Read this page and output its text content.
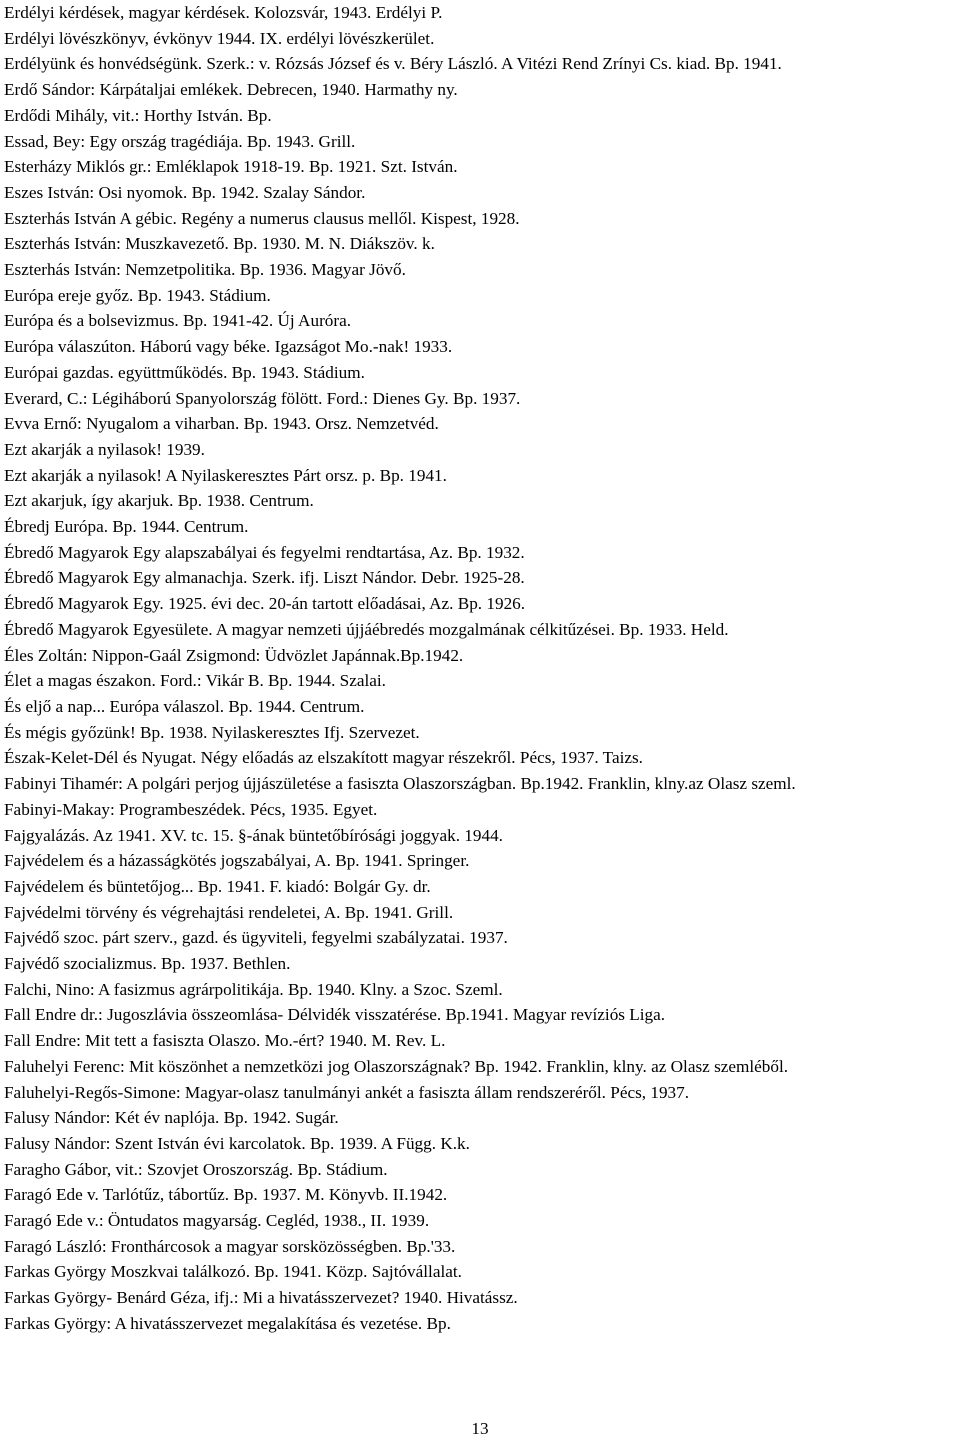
Erdélyi kérdések, magyar kérdések. Kolozsvár, 1943. Erdélyi P.

Erdélyi lövészkönyv, évkönyv 1944. IX. erdélyi lövészkerület.

Erdélyünk és honvédségünk. Szerk.: v. Rózsás József és v. Béry László. A Vitézi Rend Zrínyi Cs. kiad. Bp. 1941.

Erdő Sándor: Kárpátaljai emlékek. Debrecen, 1940. Harmathy ny.

Erdődi Mihály, vit.: Horthy István. Bp.

Essad, Bey: Egy ország tragédiája. Bp. 1943. Grill.

Esterházy Miklós gr.: Emléklapok 1918-19. Bp. 1921. Szt. István.

Eszes István: Osi nyomok. Bp. 1942. Szalay Sándor.

Eszterhás István A gébic. Regény a numerus clausus mellől. Kispest, 1928.

Eszterhás István: Muszkavezető. Bp. 1930. M. N. Diákszöv. k.

Eszterhás István: Nemzetpolitika. Bp. 1936. Magyar Jövő.

Európa ereje győz. Bp. 1943. Stádium.

Európa és a bolsevizmus. Bp. 1941-42. Új Auróra.

Európa válaszúton. Háború vagy béke. Igazságot Mo.-nak! 1933.

Európai gazdas. együttműködés. Bp. 1943. Stádium.

Everard, C.: Légiháború Spanyolország fölött. Ford.: Dienes Gy. Bp. 1937.

Evva Ernő: Nyugalom a viharban. Bp. 1943. Orsz. Nemzetvéd.

Ezt akarják a nyilasok! 1939.

Ezt akarják a nyilasok! A Nyilaskeresztes Párt orsz. p. Bp. 1941.

Ezt akarjuk, így akarjuk. Bp. 1938. Centrum.

Ébredj Európa. Bp. 1944. Centrum.

Ébredő Magyarok Egy alapszabályai és fegyelmi rendtartása, Az. Bp. 1932.

Ébredő Magyarok Egy almanachja. Szerk. ifj. Liszt Nándor. Debr. 1925-28.

Ébredő Magyarok Egy. 1925. évi dec. 20-án tartott előadásai, Az. Bp. 1926.

Ébredő Magyarok Egyesülete. A magyar nemzeti újjáébredés mozgalmának célkitűzései. Bp. 1933. Held.

Éles Zoltán: Nippon-Gaál Zsigmond: Üdvözlet Japánnak.Bp.1942.

Élet a magas északon. Ford.: Vikár B. Bp. 1944. Szalai.

És eljő a nap... Európa válaszol. Bp. 1944. Centrum.

És mégis győzünk! Bp. 1938. Nyilaskeresztes Ifj. Szervezet.

Észak-Kelet-Dél és Nyugat. Négy előadás az elszakított magyar részekről. Pécs, 1937. Taizs.

Fabinyi Tihamér: A polgári perjog újjászületése a fasiszta Olaszországban. Bp.1942. Franklin, klny.az Olasz szeml.

Fabinyi-Makay: Programbeszédek. Pécs, 1935. Egyet.

Fajgyalázás. Az 1941. XV. tc. 15. §-ának büntetőbírósági joggyak. 1944.

Fajvédelem és a házasságkötés jogszabályai, A. Bp. 1941. Springer.

Fajvédelem és büntetőjog... Bp. 1941. F. kiadó: Bolgár Gy. dr.

Fajvédelmi törvény és végrehajtási rendeletei, A. Bp. 1941. Grill.

Fajvédő szoc. párt szerv., gazd. és ügyviteli, fegyelmi szabályzatai. 1937.

Fajvédő szocializmus. Bp. 1937. Bethlen.

Falchi, Nino: A fasizmus agrárpolitikája. Bp. 1940. Klny. a Szoc. Szeml.

Fall Endre dr.: Jugoszlávia összeomlása- Délvidék visszatérése. Bp.1941. Magyar revíziós Liga.

Fall Endre: Mit tett a fasiszta Olaszo. Mo.-ért? 1940. M. Rev. L.

Faluhelyi Ferenc: Mit köszönhet a nemzetközi jog Olaszországnak? Bp. 1942. Franklin, klny. az Olasz szemléből.

Faluhelyi-Regős-Simone: Magyar-olasz tanulmányi ankét a fasiszta állam rendszeréről. Pécs, 1937.

Falusy Nándor: Két év naplója. Bp. 1942. Sugár.

Falusy Nándor: Szent István évi karcolatok. Bp. 1939. A Függ. K.k.

Faragho Gábor, vit.: Szovjet Oroszország. Bp. Stádium.

Faragó Ede v. Tarlótűz, tábortűz. Bp. 1937. M. Könyvb. II.1942.

Faragó Ede v.: Öntudatos magyarság. Cegléd, 1938., II. 1939.

Faragó László: Fronthárcosok a magyar sorsközösségben. Bp.'33.

Farkas György Moszkvai találkozó. Bp. 1941. Közp. Sajtóvállalat.

Farkas György- Benárd Géza, ifj.: Mi a hivatásszervezet? 1940. Hivatássz.

Farkas György: A hivatásszervezet megalakítása és vezetése. Bp.

13
